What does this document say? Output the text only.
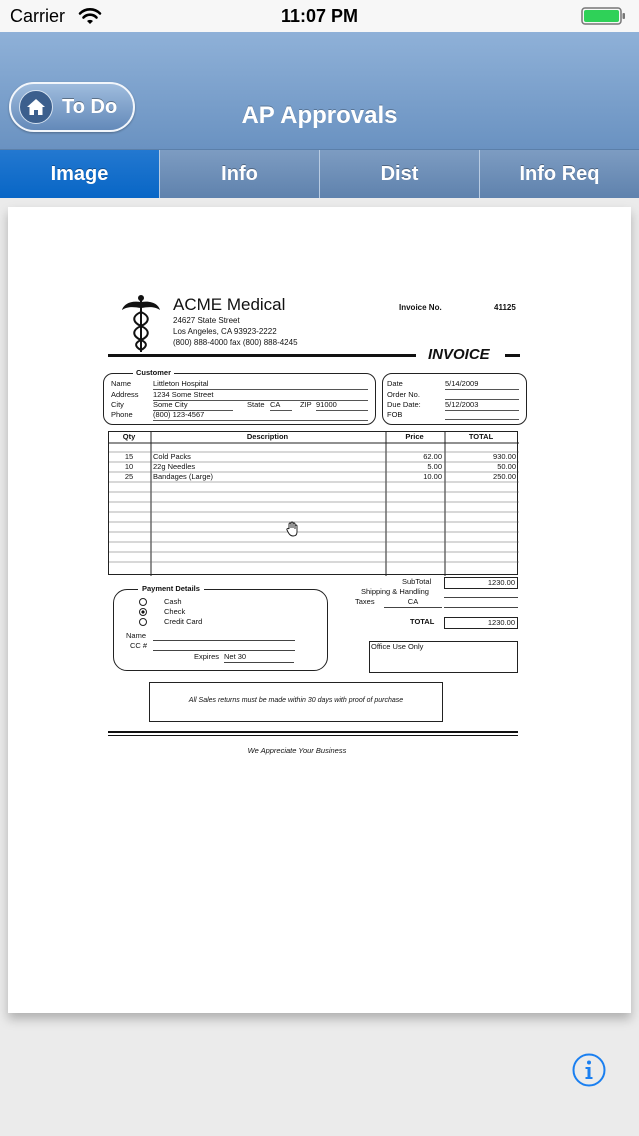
Carrier	11:07 PM
To Do	AP Approvals
Image	Info	Dist	Info Req
ACME Medical
24627 State Street
Los Angeles, CA 93923-2222
(800) 888-4000 fax (800) 888-4245
Invoice No.	41125
INVOICE
Customer
Name	Littleton Hospital
Address 1234 Some Street
City	Some City	State CA	ZIP 91000
Phone	(800) 123-4567
Date	5/14/2009
Order No.
Due Date:	5/12/2003
FOB
Qty	Description	Price	TOTAL
15	Cold Packs	62.00	930.00
10	22g Needles	5.00	50.00
25	Bandages (Large)	10.00	250.00
SubTotal	1230.00
Shipping & Handling
Taxes	CA
TOTAL	1230.00
Payment Details
Cash
Check
Credit Card
Name
CC #
Expires Net 30
Office Use Only
All Sales returns must be made within 30 days with proof of purchase
We Appreciate Your Business
